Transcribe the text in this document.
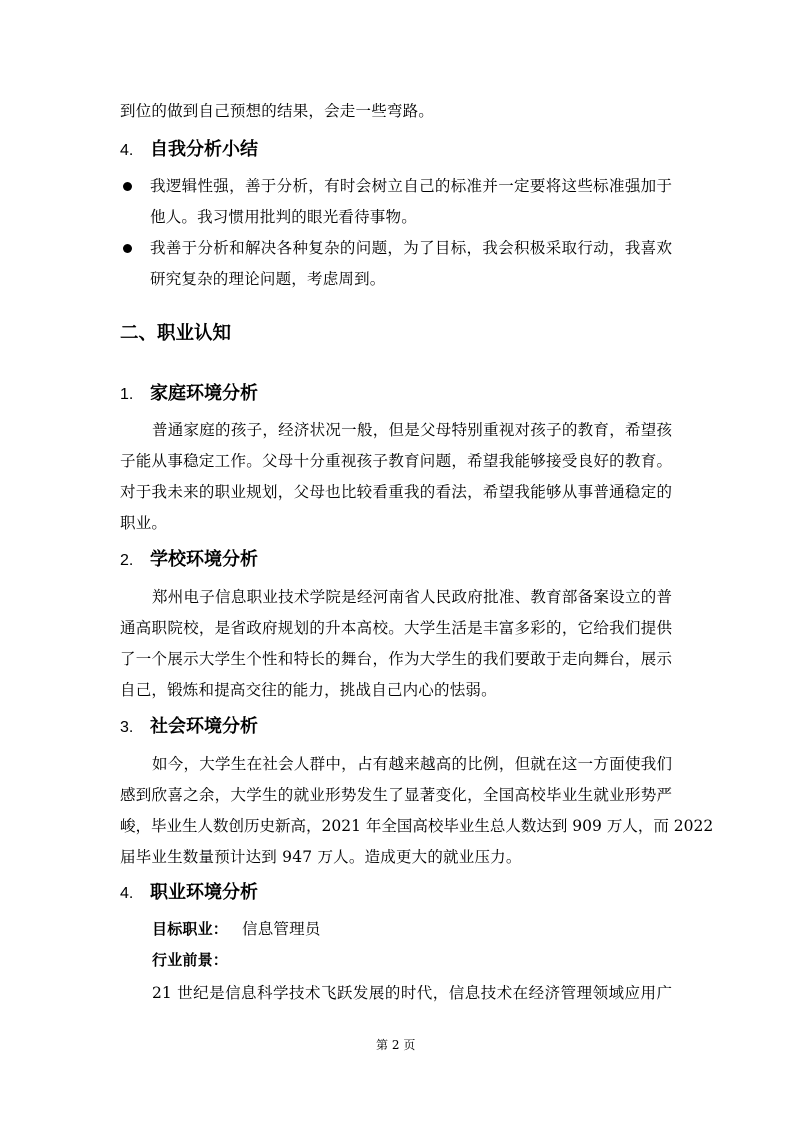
到位的做到自己预想的结果，会走一些弯路。
4. 自我分析小结
我逻辑性强，善于分析，有时会树立自己的标准并一定要将这些标准强加于
他人。我习惯用批判的眼光看待事物。
我善于分析和解决各种复杂的问题，为了目标，我会积极采取行动，我喜欢
研究复杂的理论问题，考虑周到。
二、职业认知
1. 家庭环境分析
普通家庭的孩子，经济状况一般，但是父母特别重视对孩子的教育，希望孩
子能从事稳定工作。父母十分重视孩子教育问题，希望我能够接受良好的教育。
对于我未来的职业规划，父母也比较看重我的看法，希望我能够从事普通稳定的
职业。
2. 学校环境分析
郑州电子信息职业技术学院是经河南省人民政府批准、教育部备案设立的普
通高职院校，是省政府规划的升本高校。大学生活是丰富多彩的，它给我们提供
了一个展示大学生个性和特长的舞台，作为大学生的我们要敢于走向舞台，展示
自己，锻炼和提高交往的能力，挑战自己内心的怯弱。
3. 社会环境分析
如今，大学生在社会人群中，占有越来越高的比例，但就在这一方面使我们
感到欣喜之余，大学生的就业形势发生了显著变化，全国高校毕业生就业形势严
峻，毕业生人数创历史新高，2021 年全国高校毕业生总人数达到 909 万人，而 2022
届毕业生数量预计达到 947 万人。造成更大的就业压力。
4. 职业环境分析
目标职业： 信息管理员
行业前景：
21 世纪是信息科学技术飞跃发展的时代，信息技术在经济管理领域应用广
第 2 页
